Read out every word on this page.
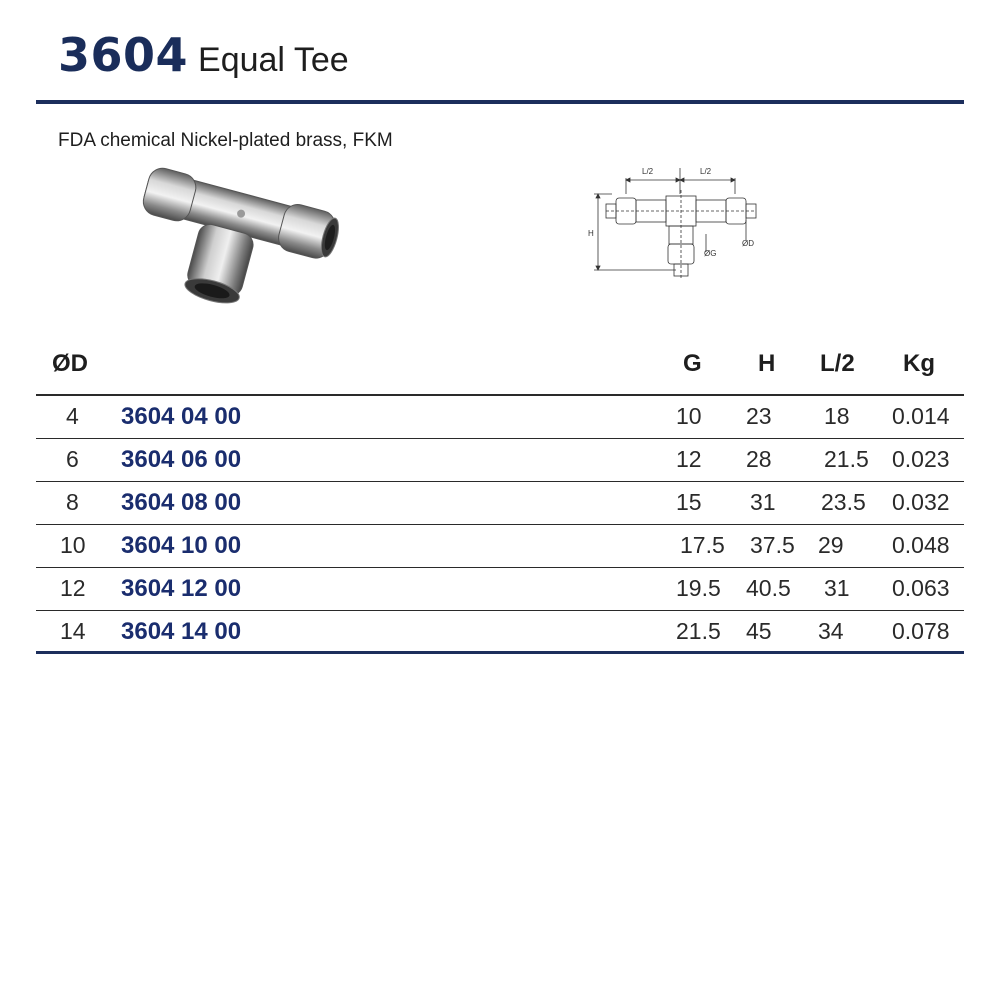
3604 Equal Tee
FDA chemical Nickel-plated brass, FKM
L/2	L/2
H
ØG
ØD
ØD	G H L/2 Kg
4 3604 04 00	10 23 18 0.014
6 3604 06 00	12 28 21.5 0.023
8 3604 08 00	15 31 23.5 0.032
10 3604 10 00	17.5 37.5 29 0.048
12 3604 12 00	19.5 40.5 31 0.063
14 3604 14 00	21.5 45 34 0.078
